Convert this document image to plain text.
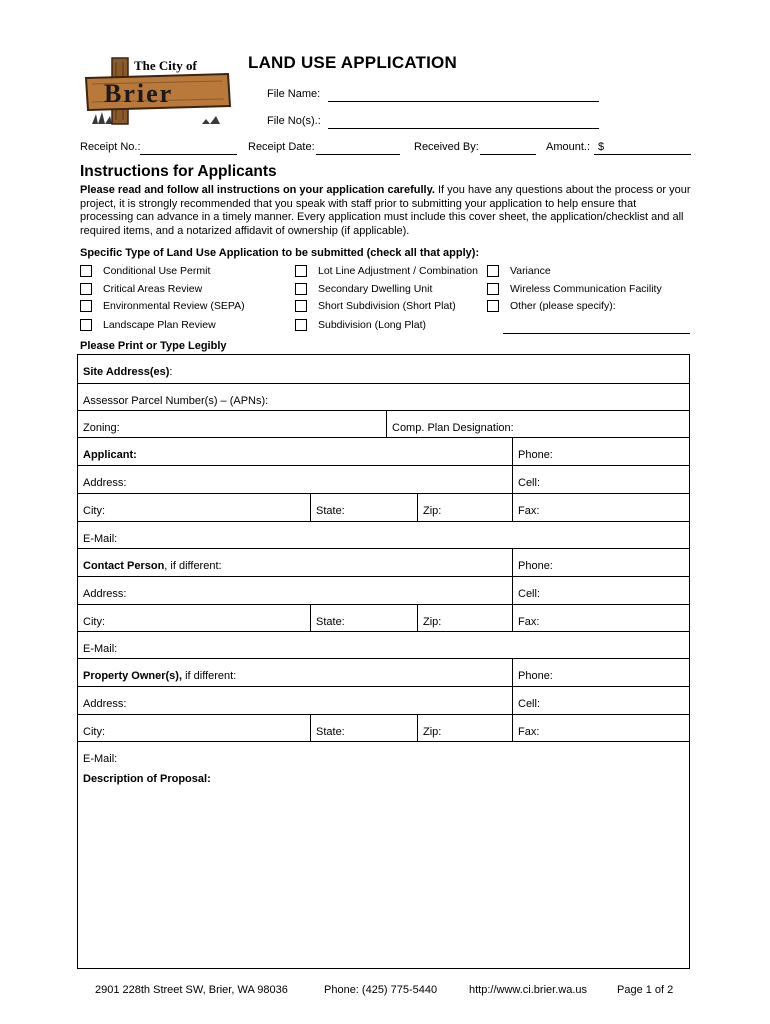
The City of
Brier
LAND USE APPLICATION
File Name:
File No(s).:
Receipt No.:	Receipt Date:	Received By:	Amount.: $
Instructions for Applicants
Please read and follow all instructions on your application carefully. If you have any questions about the process or your project, it is strongly recommended that you speak with staff prior to submitting your application to help ensure that processing can advance in a timely manner. Every application must include this cover sheet, the application/checklist and all required items, and a notarized affidavit of ownership (if applicable).
Specific Type of Land Use Application to be submitted (check all that apply):
Conditional Use Permit
Critical Areas Review
Environmental Review (SEPA)
Landscape Plan Review
Lot Line Adjustment / Combination
Secondary Dwelling Unit
Short Subdivision (Short Plat)
Subdivision (Long Plat)
Variance
Wireless Communication Facility
Other (please specify):
Please Print or Type Legibly
Site Address(es):
Assessor Parcel Number(s) – (APNs):
Zoning:	Comp. Plan Designation:
Applicant:	Phone:
Address:	Cell:
City:	State:	Zip:	Fax:
E-Mail:
Contact Person, if different:	Phone:
Address:	Cell:
City:	State:	Zip:	Fax:
E-Mail:
Property Owner(s), if different:	Phone:
Address:	Cell:
City:	State:	Zip:	Fax:
E-Mail:
Description of Proposal:
2901 228th Street SW, Brier, WA 98036	Phone: (425) 775-5440	http://www.ci.brier.wa.us	Page 1 of 2
